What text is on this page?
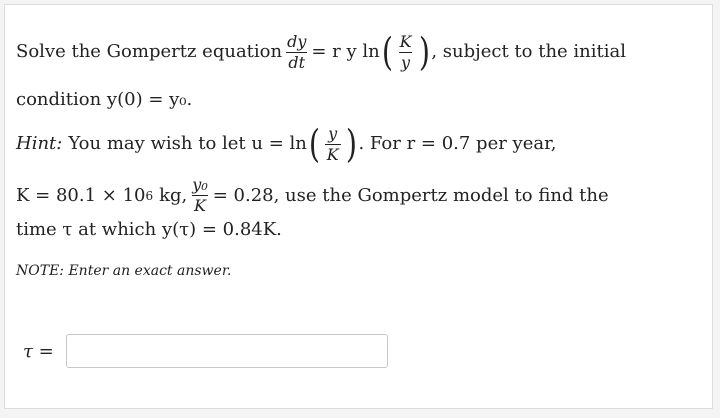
Solve the Gompertz equation $\frac{dy}{dt} = r$ y ln ( $\frac{K}{y}$ ) , subject to the initial
condition y(0) = y₀.
Hint: You may wish to let u = ln ( $\frac{y}{K}$ ) . For r = 0.7 per year,
K = 80.1 × 10 6 kg, $\frac{\text{y₀}}{K} = 0.28$, use the Gompertz model to find the
time τ at which y(τ) = 0.84K.
NOTE: Enter an exact answer.
τ =
